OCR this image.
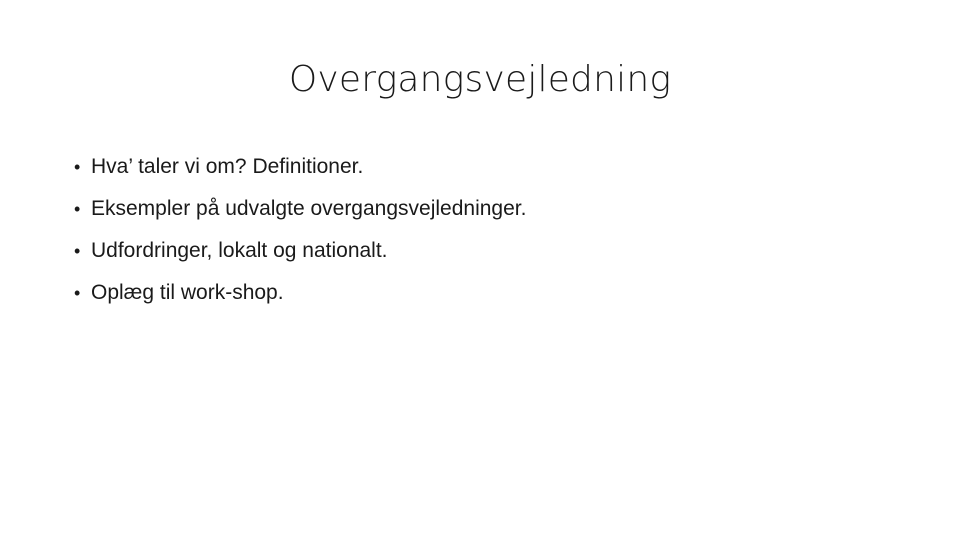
Overgangsvejledning
• Hva’ taler vi om? Definitioner.
• Eksempler på udvalgte overgangsvejledninger.
• Udfordringer, lokalt og nationalt.
• Oplæg til work-shop.
